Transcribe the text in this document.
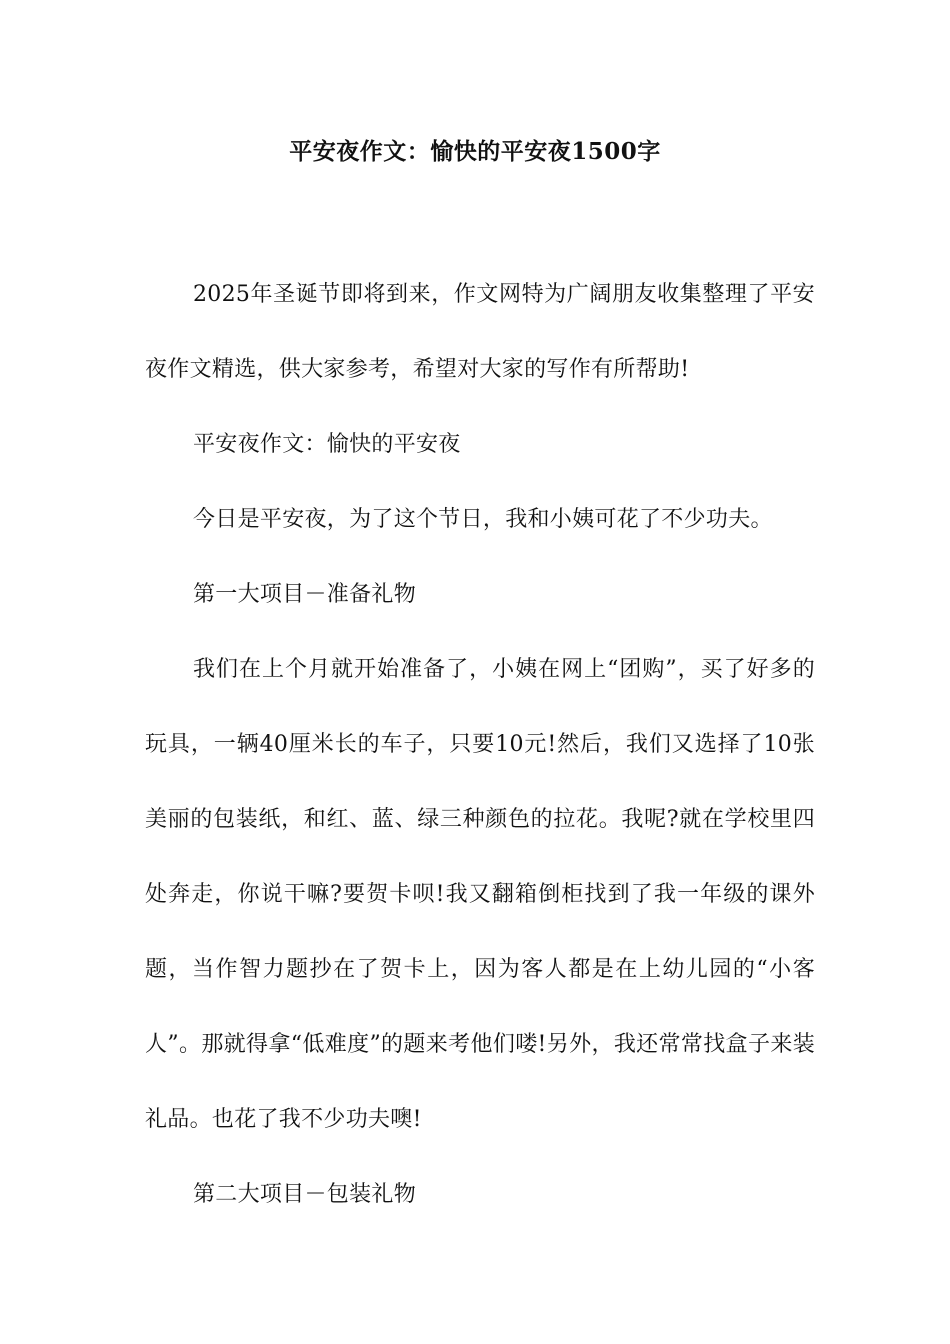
平安夜作文：愉快的平安夜1500字

2025年圣诞节即将到来，作文网特为广阔朋友收集整理了平安夜作文精选，供大家参考，希望对大家的写作有所帮助!

平安夜作文：愉快的平安夜

今日是平安夜，为了这个节日，我和小姨可花了不少功夫。

第一大项目－准备礼物

我们在上个月就开始准备了，小姨在网上“团购”，买了好多的玩具，一辆40厘米长的车子，只要10元!然后，我们又选择了10张美丽的包装纸，和红、蓝、绿三种颜色的拉花。我呢?就在学校里四处奔走，你说干嘛?要贺卡呗!我又翻箱倒柜找到了我一年级的课外题，当作智力题抄在了贺卡上，因为客人都是在上幼儿园的“小客人”。那就得拿“低难度”的题来考他们喽!另外，我还常常找盒子来装礼品。也花了我不少功夫噢!

第二大项目－包装礼物
